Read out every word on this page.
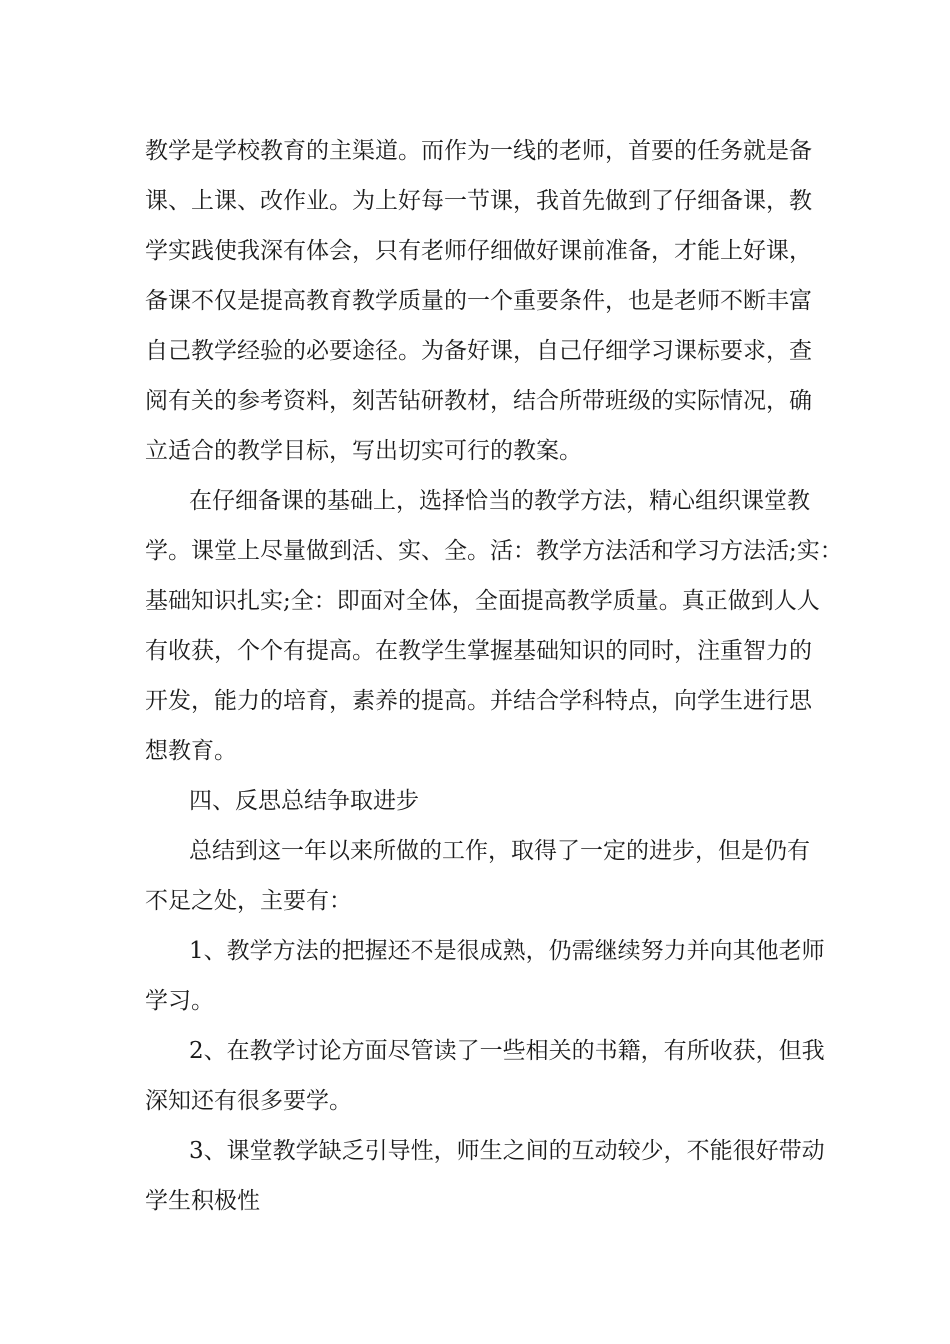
教学是学校教育的主渠道。而作为一线的老师，首要的任务就是备
课、上课、改作业。为上好每一节课，我首先做到了仔细备课，教
学实践使我深有体会，只有老师仔细做好课前准备，才能上好课，
备课不仅是提高教育教学质量的一个重要条件，也是老师不断丰富
自己教学经验的必要途径。为备好课，自己仔细学习课标要求，查
阅有关的参考资料，刻苦钻研教材，结合所带班级的实际情况，确
立适合的教学目标，写出切实可行的教案。
在仔细备课的基础上，选择恰当的教学方法，精心组织课堂教
学。课堂上尽量做到活、实、全。活：教学方法活和学习方法活;实：
基础知识扎实;全：即面对全体，全面提高教学质量。真正做到人人
有收获，个个有提高。在教学生掌握基础知识的同时，注重智力的
开发，能力的培育，素养的提高。并结合学科特点，向学生进行思
想教育。
四、反思总结争取进步
总结到这一年以来所做的工作，取得了一定的进步，但是仍有
不足之处，主要有：
1、教学方法的把握还不是很成熟，仍需继续努力并向其他老师
学习。
2、在教学讨论方面尽管读了一些相关的书籍，有所收获，但我
深知还有很多要学。
3、课堂教学缺乏引导性，师生之间的互动较少，不能很好带动
学生积极性
